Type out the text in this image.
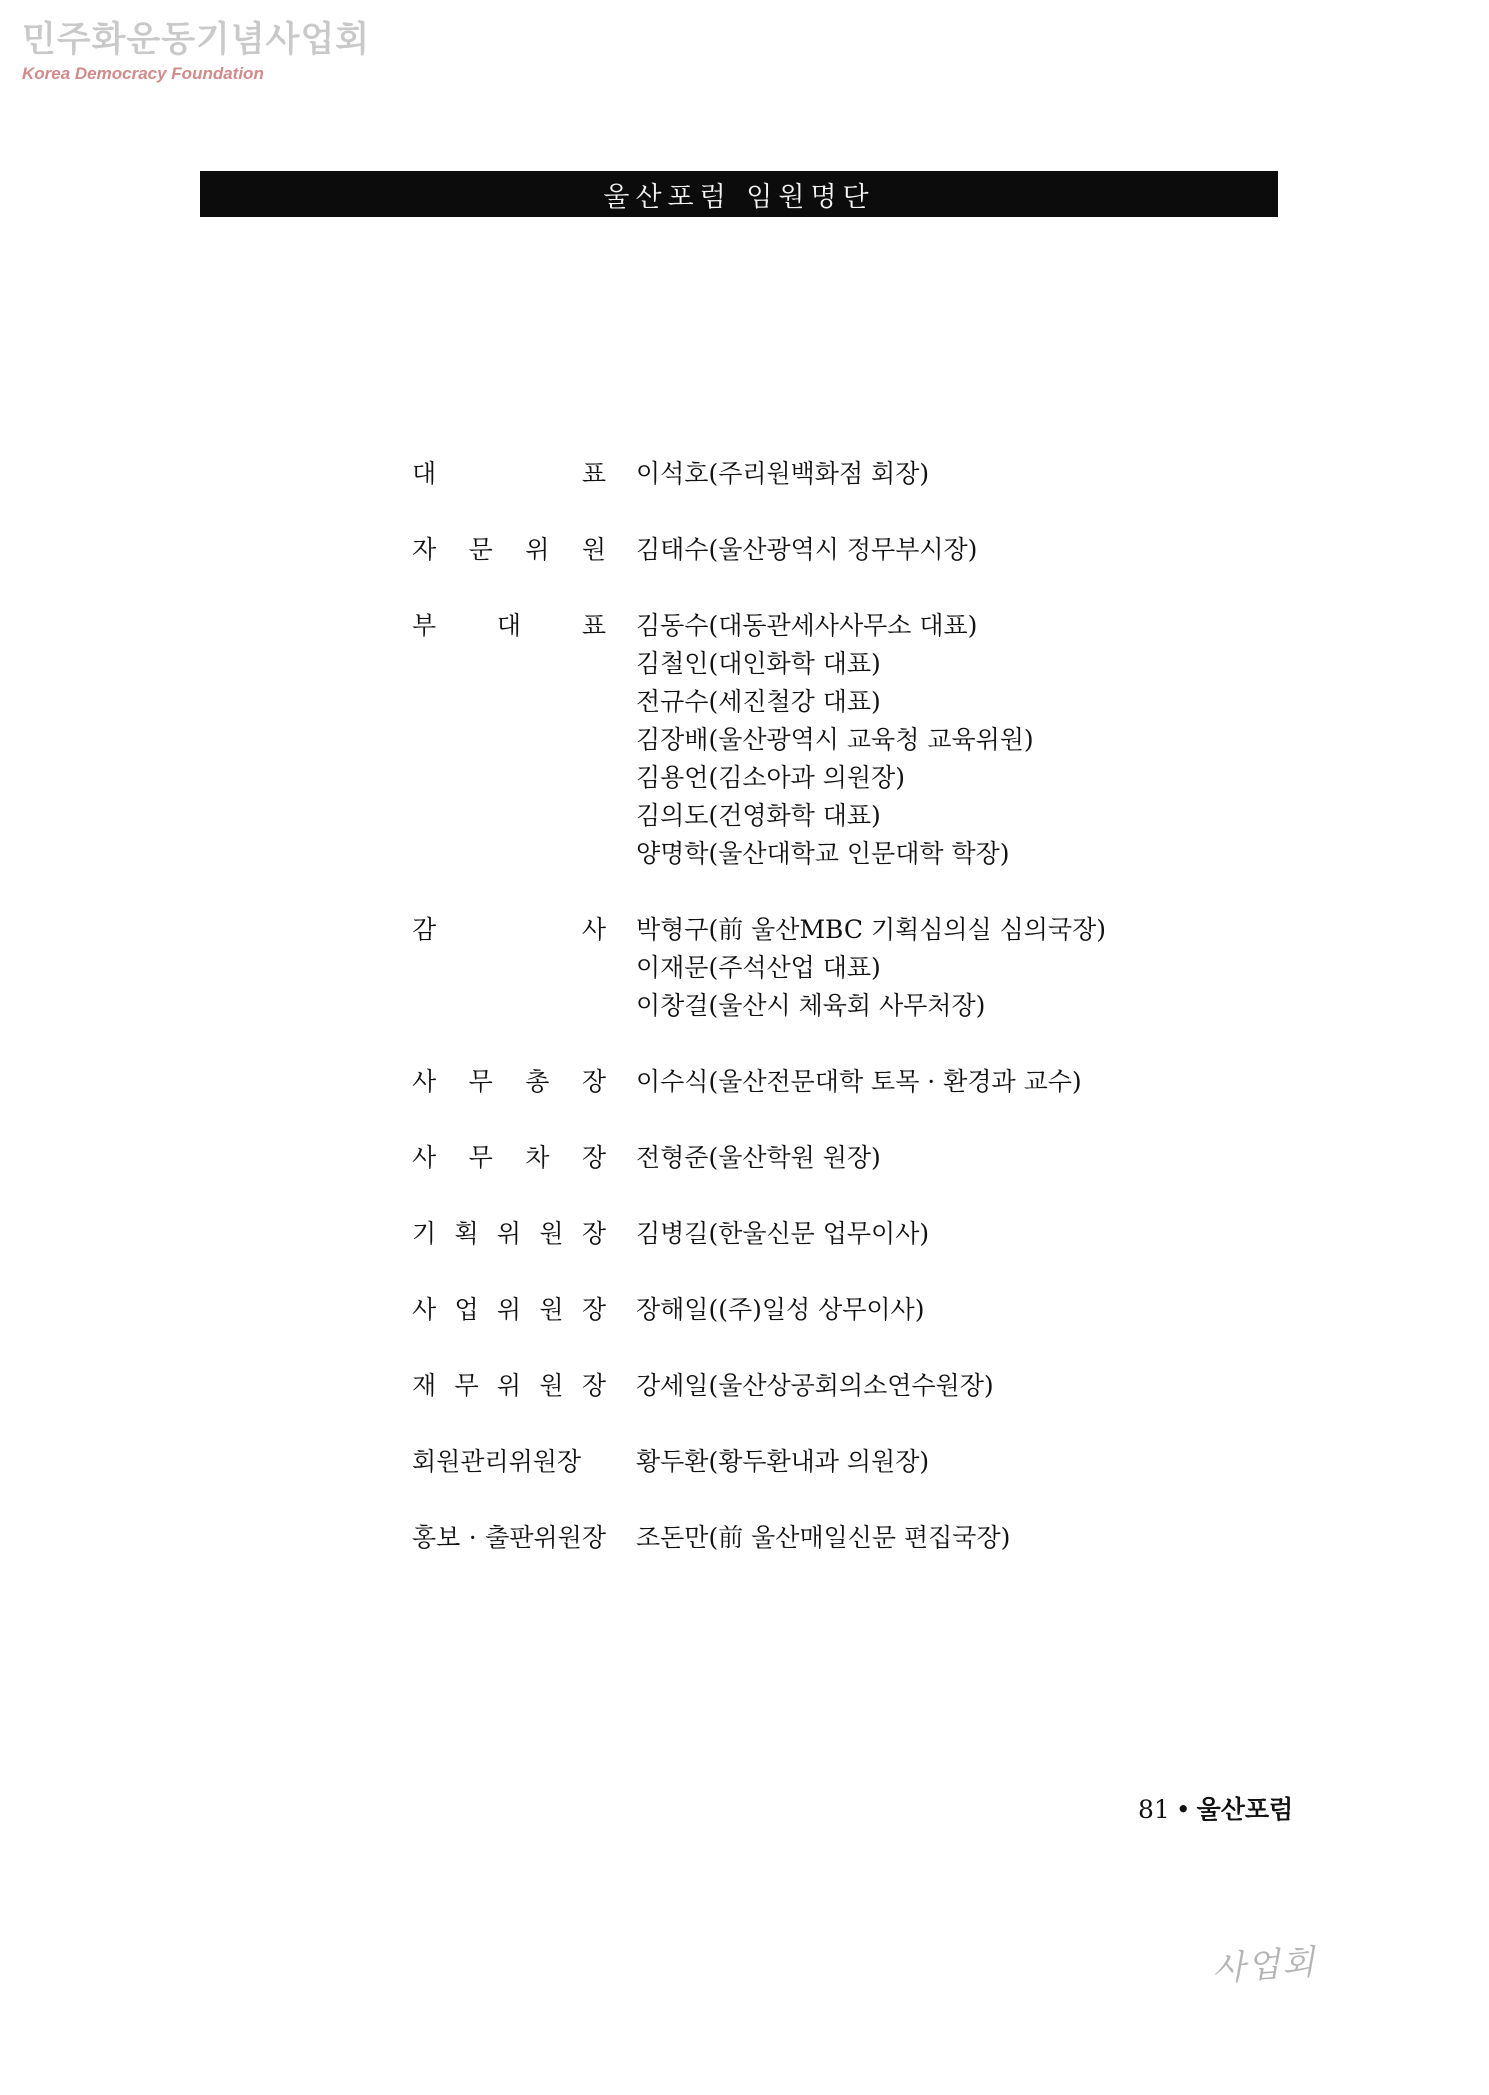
민주화운동기념사업회
Korea Democracy Foundation
울산포럼 임원명단
대 표 이석호(주리원백화점 회장)
자 문 위 원 김태수(울산광역시 정무부시장)
부 대 표 김동수(대동관세사사무소 대표)
김철인(대인화학 대표)
전규수(세진철강 대표)
김장배(울산광역시 교육청 교육위원)
김용언(김소아과 의원장)
김의도(건영화학 대표)
양명학(울산대학교 인문대학 학장)
감 사 박형구(前 울산MBC 기획심의실 심의국장)
이재문(주석산업 대표)
이창걸(울산시 체육회 사무처장)
사 무 총 장 이수식(울산전문대학 토목 · 환경과 교수)
사 무 차 장 전형준(울산학원 원장)
기 획 위 원 장 김병길(한울신문 업무이사)
사 업 위 원 장 장해일((주)일성 상무이사)
재 무 위 원 장 강세일(울산상공회의소연수원장)
회원관리위원장	황두환(황두환내과 의원장)
홍보 · 출판위원장 조돈만(前 울산매일신문 편집국장)
81 • 울산포럼
사업회
